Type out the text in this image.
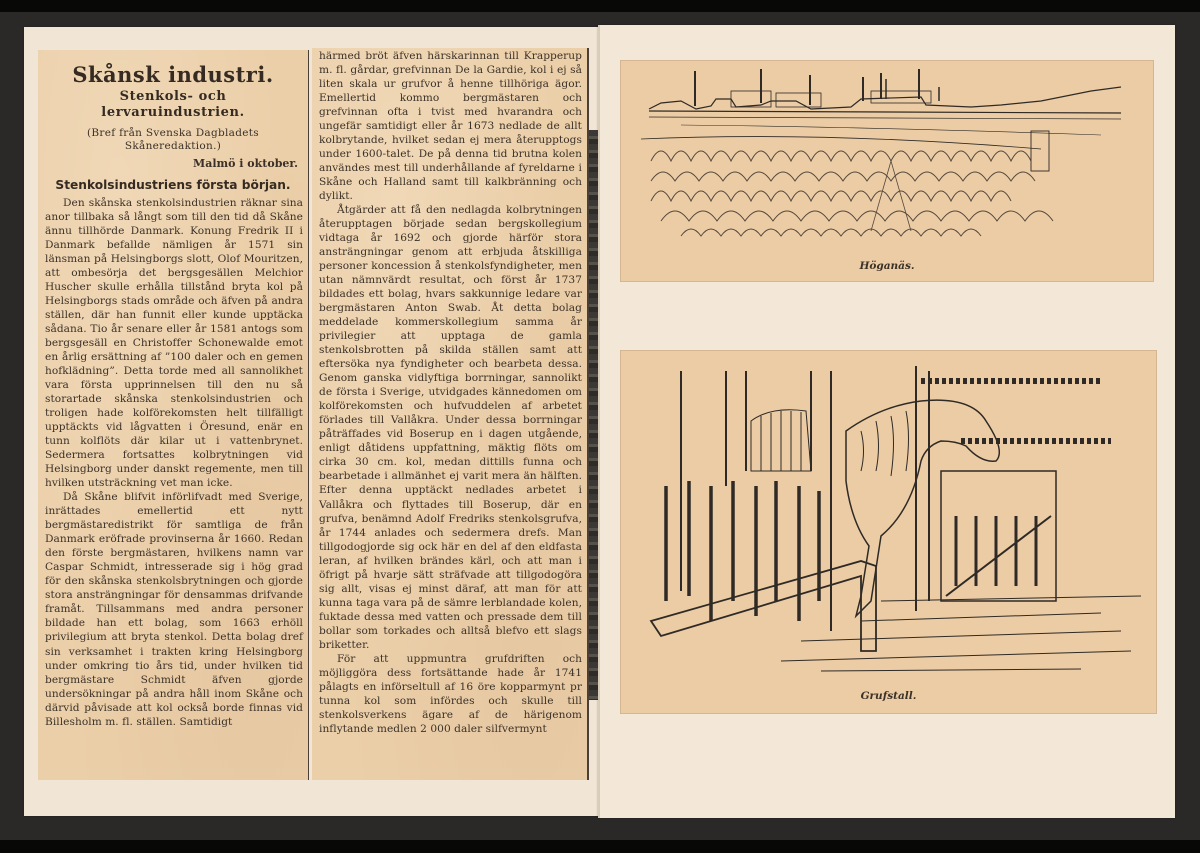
Skånsk industri.
Stenkols- och lervaruindustrien.
(Bref från Svenska Dagbladets Skåneredaktion.)
Malmö i oktober.
Stenkolsindustriens första början.

Den skånska stenkolsindustrien räknar sina anor tillbaka så långt som till den tid då Skåne ännu tillhörde Danmark. Konung Fredrik II i Danmark befallde nämligen år 1571 sin länsman på Helsingborgs slott, Olof Mouritzen, att ombesörja det bergsgesällen Melchior Huscher skulle erhålla tillstånd bryta kol på Helsingborgs stads område och äfven på andra ställen, där han funnit eller kunde upptäcka sådana. Tio år senare eller år 1581 antogs som bergsgesäll en Christoffer Schonewalde emot en årlig ersättning af ”100 daler och en gemen hofklädning”. Detta torde med all sannolikhet vara första upprinnelsen till den nu så storartade skånska stenkolsindustrien och troligen hade kolförekomsten helt tillfälligt upptäckts vid lågvatten i Öresund, enär en tunn kolflöts där kilar ut i vattenbrynet. Sedermera fortsattes kolbrytningen vid Helsingborg under danskt regemente, men till hvilken utsträckning vet man icke.

Då Skåne blifvit införlifvadt med Sverige, inrättades emellertid ett nytt bergmästaredistrikt för samtliga de från Danmark eröfrade provinserna år 1660. Redan den förste bergmästaren, hvilkens namn var Caspar Schmidt, intresserade sig i hög grad för den skånska stenkolsbrytningen och gjorde stora ansträngningar för densammas drifvande framåt. Tillsammans med andra personer bildade han ett bolag, som 1663 erhöll privilegium att bryta stenkol. Detta bolag dref sin verksamhet i trakten kring Helsingborg under omkring tio års tid, under hvilken tid bergmästare Schmidt äfven gjorde undersökningar på andra håll inom Skåne och därvid påvisade att kol också borde finnas vid Billesholm m. fl. ställen. Samtidigt

härmed bröt äfven härskarinnan till Krapperup m. fl. gårdar, grefvinnan De la Gardie, kol i ej så liten skala ur grufvor å henne tillhöriga ägor. Emellertid kommo bergmästaren och grefvinnan ofta i tvist med hvarandra och ungefär samtidigt eller år 1673 nedlade de allt kolbrytande, hvilket sedan ej mera återupptogs under 1600-talet. De på denna tid brutna kolen användes mest till underhållande af fyreldarne i Skåne och Halland samt till kalkbränning och dylikt.

Åtgärder att få den nedlagda kolbrytningen återupptagen började sedan bergskollegium vidtaga år 1692 och gjorde härför stora ansträngningar genom att erbjuda åtskilliga personer koncession å stenkolsfyndigheter, men utan nämnvärdt resultat, och först år 1737 bildades ett bolag, hvars sakkunnige ledare var bergmästaren Anton Swab. Åt detta bolag meddelade kommerskollegium samma år privilegier att upptaga de gamla stenkolsbrotten på skilda ställen samt att eftersöka nya fyndigheter och bearbeta dessa. Genom ganska vidlyftiga borrningar, sannolikt de första i Sverige, utvidgades kännedomen om kolförekomsten och hufvuddelen af arbetet förlades till Vallåkra. Under dessa borrningar påträffades vid Boserup en i dagen utgående, enligt dåtidens uppfattning, mäktig flöts om cirka 30 cm. kol, medan dittills funna och bearbetade i allmänhet ej varit mera än hälften. Efter denna upptäckt nedlades arbetet i Vallåkra och flyttades till Boserup, där en grufva, benämnd Adolf Fredriks stenkolsgrufva, år 1744 anlades och sedermera drefs. Man tillgodogjorde sig ock här en del af den eldfasta leran, af hvilken brändes kärl, och att man i öfrigt på hvarje sätt sträfvade att tillgodogöra sig allt, visas ej minst däraf, att man för att kunna taga vara på de sämre lerblandade kolen, fuktade dessa med vatten och pressade dem till bollar som torkades och alltså blefvo ett slags briketter.

För att uppmuntra grufdriften och möjliggöra dess fortsättande hade år 1741 pålagts en införseltull af 16 öre kopparmynt pr tunna kol som infördes och skulle till stenkolsverkens ägare af de härigenom inflytande medlen 2 000 daler silfvermynt

Höganäs.
Grufstall.
